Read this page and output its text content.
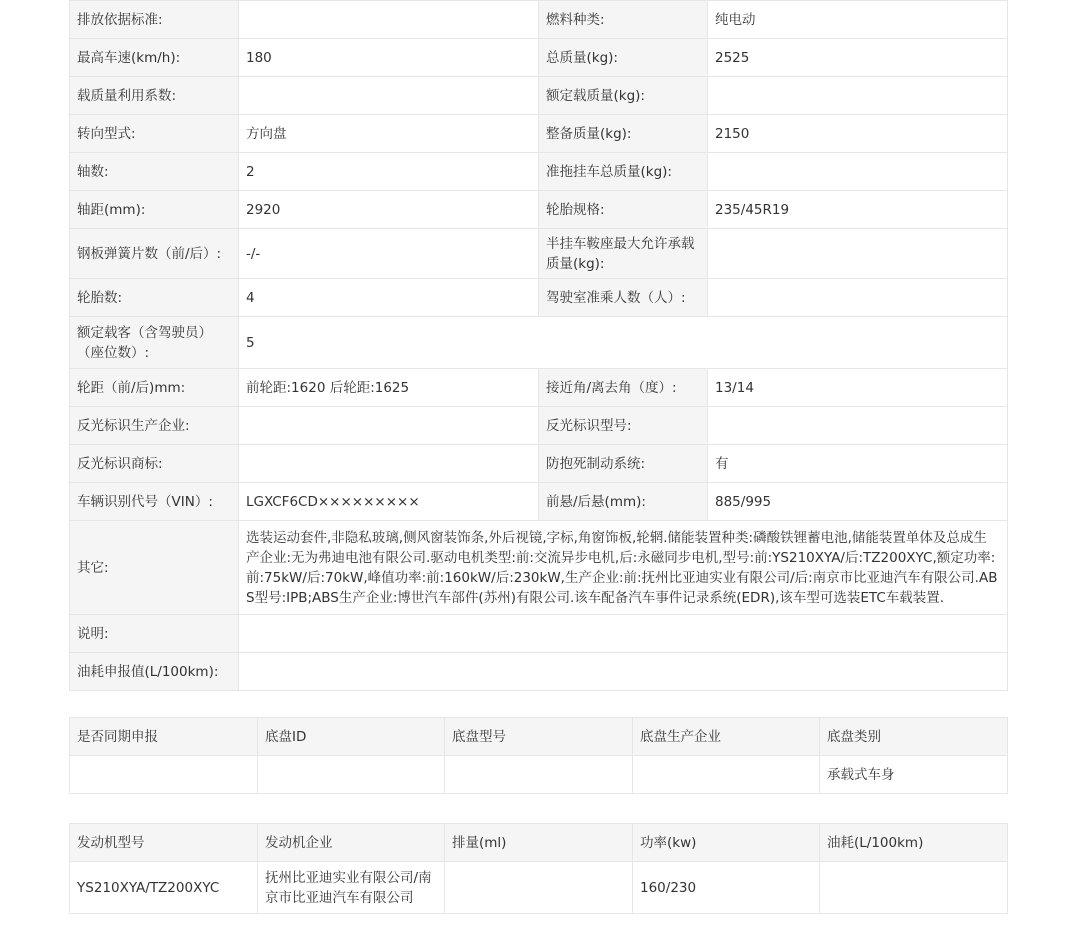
排放依据标准:		燃料种类:	纯电动
最高车速(km/h):	180	总质量(kg):	2525
载质量利用系数:		额定载质量(kg):	
转向型式:	方向盘	整备质量(kg):	2150
轴数:	2	准拖挂车总质量(kg):	
轴距(mm):	2920	轮胎规格:	235/45R19
钢板弹簧片数（前/后）:	-/-	半挂车鞍座最大允许承载质量(kg):	
轮胎数:	4	驾驶室准乘人数（人）:	
额定载客（含驾驶员）（座位数）:	5		
轮距（前/后)mm:	前轮距:1620 后轮距:1625	接近角/离去角（度）:	13/14
反光标识生产企业:		反光标识型号:	
反光标识商标:		防抱死制动系统:	有
车辆识别代号（VIN）:	LGXCF6CD×××××××××	前悬/后悬(mm):	885/995
其它:	选装运动套件,非隐私玻璃,侧风窗装饰条,外后视镜,字标,角窗饰板,轮辋.储能装置种类:磷酸铁锂蓄电池,储能装置单体及总成生产企业:无为弗迪电池有限公司.驱动电机类型:前:交流异步电机,后:永磁同步电机,型号:前:YS210XYA/后:TZ200XYC,额定功率:前:75kW/后:70kW,峰值功率:前:160kW/后:230kW,生产企业:前:抚州比亚迪实业有限公司/后:南京市比亚迪汽车有限公司.ABS型号:IPB;ABS生产企业:博世汽车部件(苏州)有限公司.该车配备汽车事件记录系统(EDR),该车型可选装ETC车载装置.		
说明:			
油耗申报值(L/100km):			
是否同期申报	底盘ID	底盘型号	底盘生产企业	底盘类别
				承载式车身
发动机型号	发动机企业	排量(ml)	功率(kw)	油耗(L/100km)
YS210XYA/TZ200XYC	抚州比亚迪实业有限公司/南京市比亚迪汽车有限公司		160/230	
